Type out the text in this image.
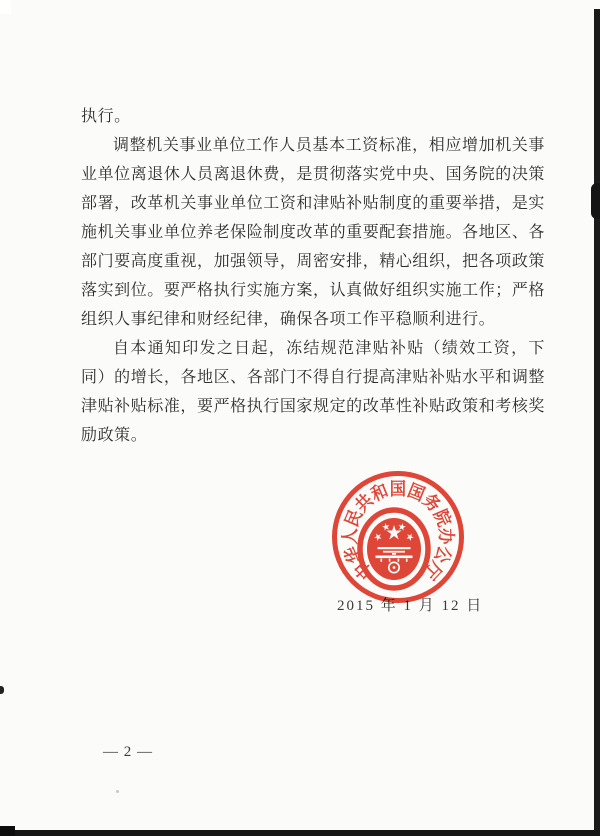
执行。

调整机关事业单位工作人员基本工资标准，相应增加机关事业单位离退休人员离退休费，是贯彻落实党中央、国务院的决策部署，改革机关事业单位工资和津贴补贴制度的重要举措，是实施机关事业单位养老保险制度改革的重要配套措施。各地区、各部门要高度重视，加强领导，周密安排，精心组织，把各项政策落实到位。要严格执行实施方案，认真做好组织实施工作；严格组织人事纪律和财经纪律，确保各项工作平稳顺利进行。

自本通知印发之日起，冻结规范津贴补贴（绩效工资，下同）的增长，各地区、各部门不得自行提高津贴补贴水平和调整津贴补贴标准，要严格执行国家规定的改革性补贴政策和考核奖励政策。

2015 年 1 月 12 日
中华人民共和国国务院办公厅
— 2 —
